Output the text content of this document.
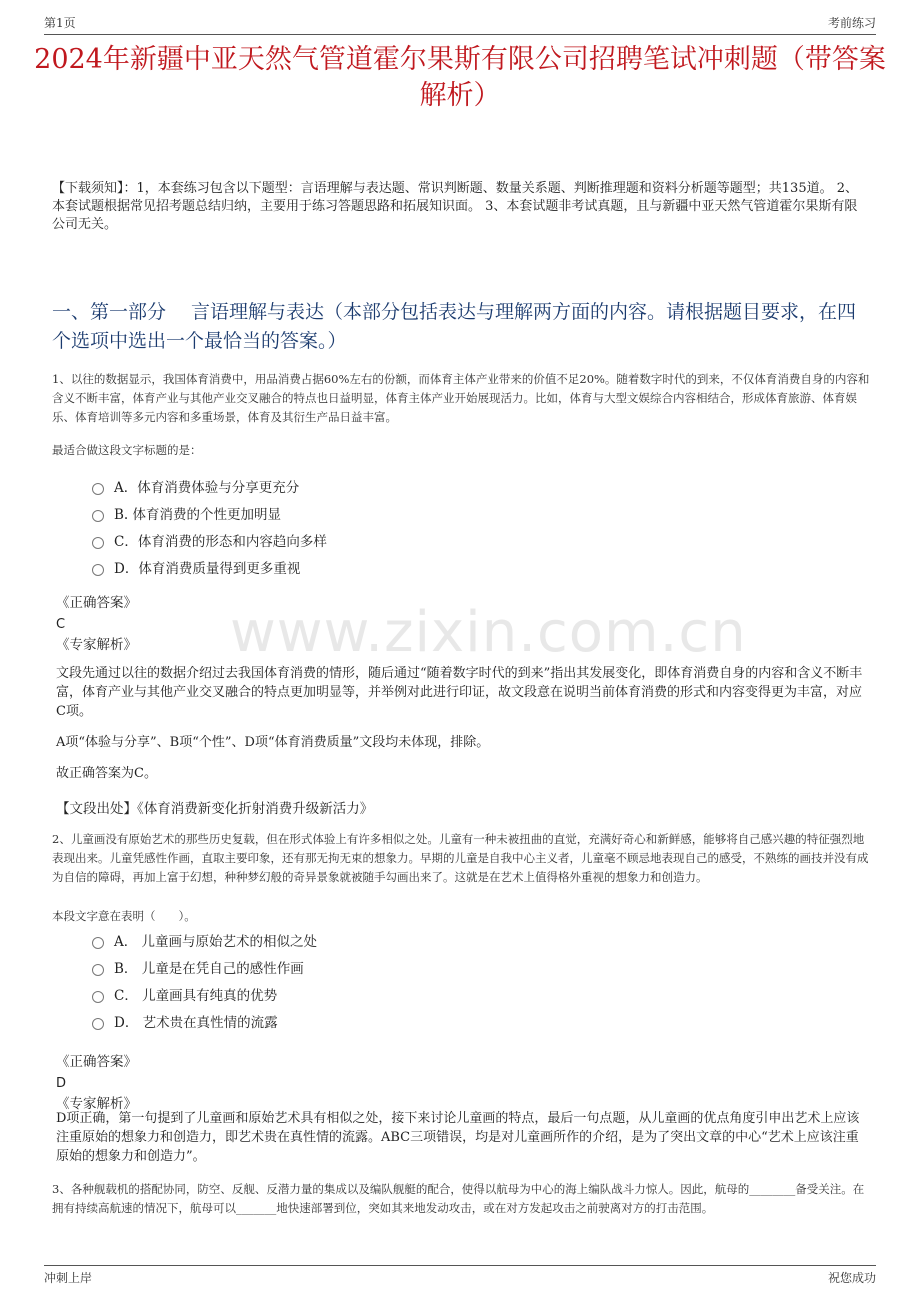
第1页	考前练习
www.zixin.com.cn
2024年新疆中亚天然气管道霍尔果斯有限公司招聘笔试冲刺题（带答案解析）
【下载须知】：1，本套练习包含以下题型：言语理解与表达题、常识判断题、数量关系题、判断推理题和资料分析题等题型；共135道。 2、本套试题根据常见招考题总结归纳，主要用于练习答题思路和拓展知识面。 3、本套试题非考试真题，且与新疆中亚天然气管道霍尔果斯有限公司无关。
一、第一部分　 言语理解与表达（本部分包括表达与理解两方面的内容。请根据题目要求，在四个选项中选出一个最恰当的答案。）
1、以往的数据显示，我国体育消费中，用品消费占据60%左右的份额，而体育主体产业带来的价值不足20%。随着数字时代的到来，不仅体育消费自身的内容和含义不断丰富，体育产业与其他产业交叉融合的特点也日益明显，体育主体产业开始展现活力。比如，体育与大型文娱综合内容相结合，形成体育旅游、体育娱乐、体育培训等多元内容和多重场景，体育及其衍生产品日益丰富。
最适合做这段文字标题的是：
A．体育消费体验与分享更充分
B. 体育消费的个性更加明显
C．体育消费的形态和内容趋向多样
D．体育消费质量得到更多重视
《正确答案》
C
《专家解析》
文段先通过以往的数据介绍过去我国体育消费的情形，随后通过“随着数字时代的到来”指出其发展变化，即体育消费自身的内容和含义不断丰富，体育产业与其他产业交叉融合的特点更加明显等，并举例对此进行印证，故文段意在说明当前体育消费的形式和内容变得更为丰富，对应C项。
A项“体验与分享”、B项“个性”、D项“体育消费质量”文段均未体现，排除。
故正确答案为C。
【文段出处】《体育消费新变化折射消费升级新活力》
2、儿童画没有原始艺术的那些历史复载，但在形式体验上有许多相似之处。儿童有一种未被扭曲的直觉，充满好奇心和新鲜感，能够将自己感兴趣的特征强烈地表现出来。儿童凭感性作画，直取主要印象，还有那无拘无束的想象力。早期的儿童是自我中心主义者，儿童毫不顾忌地表现自己的感受，不熟练的画技并没有成为自信的障碍，再加上富于幻想，种种梦幻般的奇异景象就被随手勾画出来了。这就是在艺术上值得格外重视的想象力和创造力。
本段文字意在表明（　　）。
A． 儿童画与原始艺术的相似之处
B． 儿童是在凭自己的感性作画
C． 儿童画具有纯真的优势
D． 艺术贵在真性情的流露
《正确答案》
D
《专家解析》
D项正确，第一句提到了儿童画和原始艺术具有相似之处，接下来讨论儿童画的特点，最后一句点题，从儿童画的优点角度引申出艺术上应该注重原始的想象力和创造力，即艺术贵在真性情的流露。ABC三项错误，均是对儿童画所作的介绍，是为了突出文章的中心“艺术上应该注重原始的想象力和创造力”。
3、各种舰载机的搭配协同，防空、反舰、反潜力量的集成以及编队舰艇的配合，使得以航母为中心的海上编队战斗力惊人。因此，航母的________备受关注。在拥有持续高航速的情况下，航母可以_______地快速部署到位，突如其来地发动攻击，或在对方发起攻击之前驶离对方的打击范围。
冲刺上岸	祝您成功
